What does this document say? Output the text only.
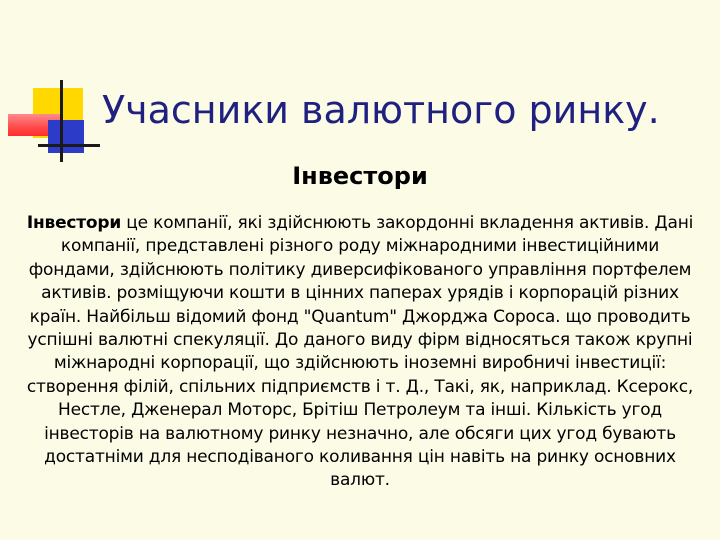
Учасники валютного ринку.
Інвестори

Інвестори це компанії, які здійснюють закордонні вкладення активів. Дані компанії, представлені різного роду міжнародними інвестиційними фондами, здійснюють політику диверсифікованого управління портфелем активів. розміщуючи кошти в цінних паперах урядів і корпорацій різних країн. Найбільш відомий фонд "Quantum" Джорджа Сороса. що проводить успішні валютні спекуляції. До даного виду фірм відносяться також крупні міжнародні корпорації, що здійснюють іноземні виробничі інвестиції: створення філій, спільних підприємств і т. Д., Такі, як, наприклад. Ксерокс, Нестле, Дженерал Моторс, Брітіш Петролеум та інші. Кількість угод інвесторів на валютному ринку незначно, але обсяги цих угод бувають достатніми для несподіваного коливання цін навіть на ринку основних валют.
